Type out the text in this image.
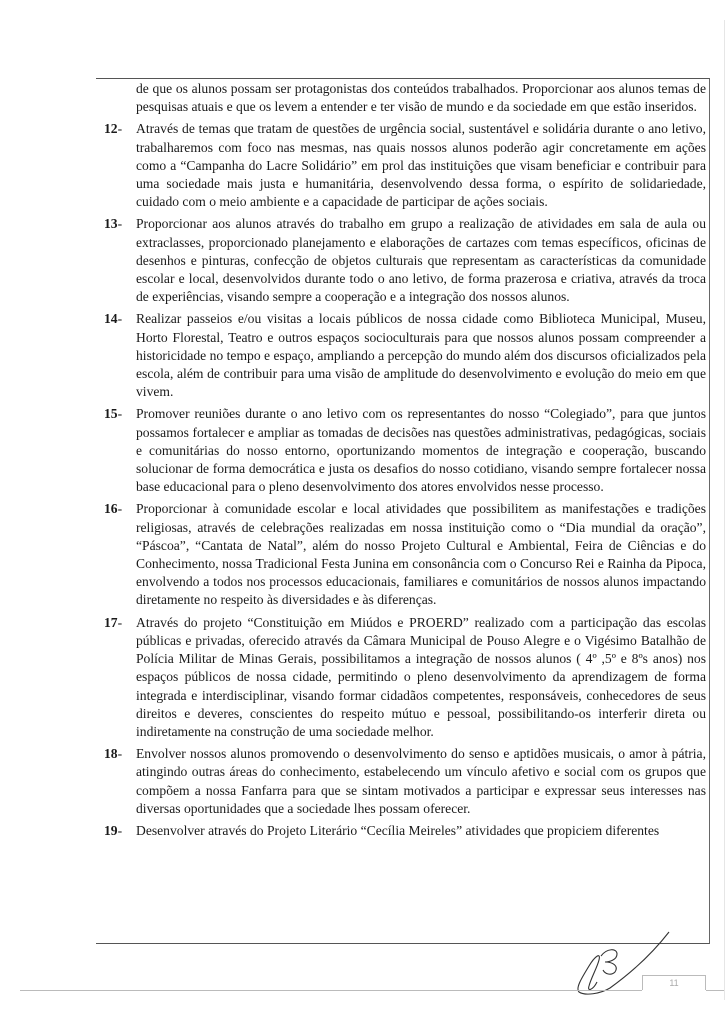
de que os alunos possam ser protagonistas dos conteúdos trabalhados. Proporcionar aos alunos temas de pesquisas atuais e que os levem a entender e ter visão de mundo e da sociedade em que estão inseridos.

12- Através de temas que tratam de questões de urgência social, sustentável e solidária durante o ano letivo, trabalharemos com foco nas mesmas, nas quais nossos alunos poderão agir concretamente em ações como a “Campanha do Lacre Solidário” em prol das instituições que visam beneficiar e contribuir para uma sociedade mais justa e humanitária, desenvolvendo dessa forma, o espírito de solidariedade, cuidado com o meio ambiente e a capacidade de participar de ações sociais.

13- Proporcionar aos alunos através do trabalho em grupo a realização de atividades em sala de aula ou extraclasses, proporcionado planejamento e elaborações de cartazes com temas específicos, oficinas de desenhos e pinturas, confecção de objetos culturais que representam as características da comunidade escolar e local, desenvolvidos durante todo o ano letivo, de forma prazerosa e criativa, através da troca de experiências, visando sempre a cooperação e a integração dos nossos alunos.

14- Realizar passeios e/ou visitas a locais públicos de nossa cidade como Biblioteca Municipal, Museu, Horto Florestal, Teatro e outros espaços socioculturais para que nossos alunos possam compreender a historicidade no tempo e espaço, ampliando a percepção do mundo além dos discursos oficializados pela escola, além de contribuir para uma visão de amplitude do desenvolvimento e evolução do meio em que vivem.

15- Promover reuniões durante o ano letivo com os representantes do nosso “Colegiado”, para que juntos possamos fortalecer e ampliar as tomadas de decisões nas questões administrativas, pedagógicas, sociais e comunitárias do nosso entorno, oportunizando momentos de integração e cooperação, buscando solucionar de forma democrática e justa os desafios do nosso cotidiano, visando sempre fortalecer nossa base educacional para o pleno desenvolvimento dos atores envolvidos nesse processo.

16- Proporcionar à comunidade escolar e local atividades que possibilitem as manifestações e tradições religiosas, através de celebrações realizadas em nossa instituição como o “Dia mundial da oração”, “Páscoa”, “Cantata de Natal”, além do nosso Projeto Cultural e Ambiental, Feira de Ciências e do Conhecimento, nossa Tradicional Festa Junina em consonância com o Concurso Rei e Rainha da Pipoca, envolvendo a todos nos processos educacionais, familiares e comunitários de nossos alunos impactando diretamente no respeito às diversidades e às diferenças.

17- Através do projeto “Constituição em Miúdos e PROERD” realizado com a participação das escolas públicas e privadas, oferecido através da Câmara Municipal de Pouso Alegre e o Vigésimo Batalhão de Polícia Militar de Minas Gerais, possibilitamos a integração de nossos alunos ( 4º ,5º e 8ºs anos) nos espaços públicos de nossa cidade, permitindo o pleno desenvolvimento da aprendizagem de forma integrada e interdisciplinar, visando formar cidadãos competentes, responsáveis, conhecedores de seus direitos e deveres, conscientes do respeito mútuo e pessoal, possibilitando-os interferir direta ou indiretamente na construção de uma sociedade melhor.

18- Envolver nossos alunos promovendo o desenvolvimento do senso e aptidões musicais, o amor à pátria, atingindo outras áreas do conhecimento, estabelecendo um vínculo afetivo e social com os grupos que compõem a nossa Fanfarra para que se sintam motivados a participar e expressar seus interesses nas diversas oportunidades que a sociedade lhes possam oferecer.

19- Desenvolver através do Projeto Literário “Cecília Meireles” atividades que propiciem diferentes

11
